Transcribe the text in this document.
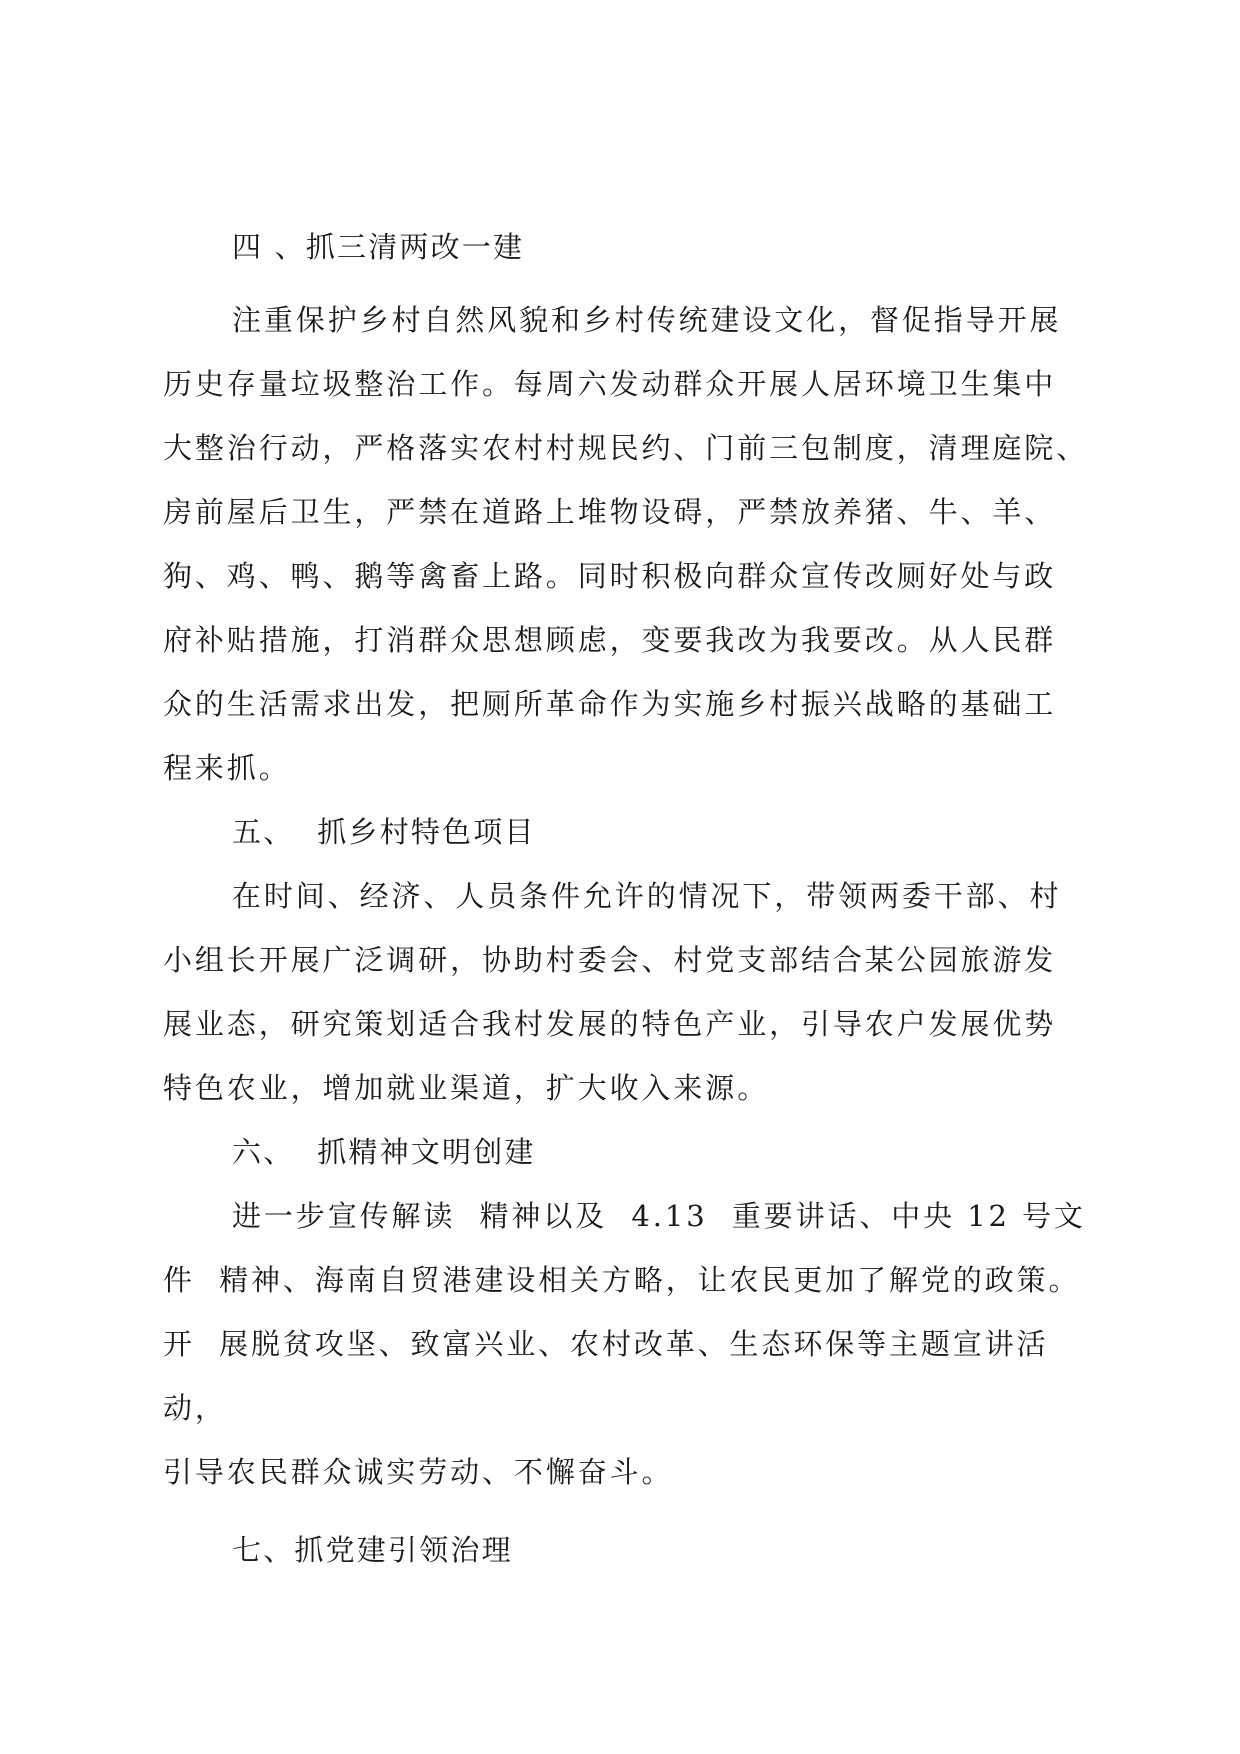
四 、抓三清两改一建
注重保护乡村自然风貌和乡村传统建设文化，督促指导开展
历史存量垃圾整治工作。每周六发动群众开展人居环境卫生集中
大整治行动，严格落实农村村规民约、门前三包制度，清理庭院、
房前屋后卫生，严禁在道路上堆物设碍，严禁放养猪、牛、羊、
狗、鸡、鸭、鹅等禽畜上路。同时积极向群众宣传改厕好处与政
府补贴措施，打消群众思想顾虑，变要我改为我要改。从人民群
众的生活需求出发，把厕所革命作为实施乡村振兴战略的基础工
程来抓。
五、  抓乡村特色项目
在时间、经济、人员条件允许的情况下，带领两委干部、村
小组长开展广泛调研，协助村委会、村党支部结合某公园旅游发
展业态，研究策划适合我村发展的特色产业，引导农户发展优势
特色农业，增加就业渠道，扩大收入来源。
六、  抓精神文明创建
进一步宣传解读  精神以及  4.13  重要讲话、中央 12 号文
件  精神、海南自贸港建设相关方略，让农民更加了解党的政策。
开  展脱贫攻坚、致富兴业、农村改革、生态环保等主题宣讲活
动，
引导农民群众诚实劳动、不懈奋斗。
七、抓党建引领治理
